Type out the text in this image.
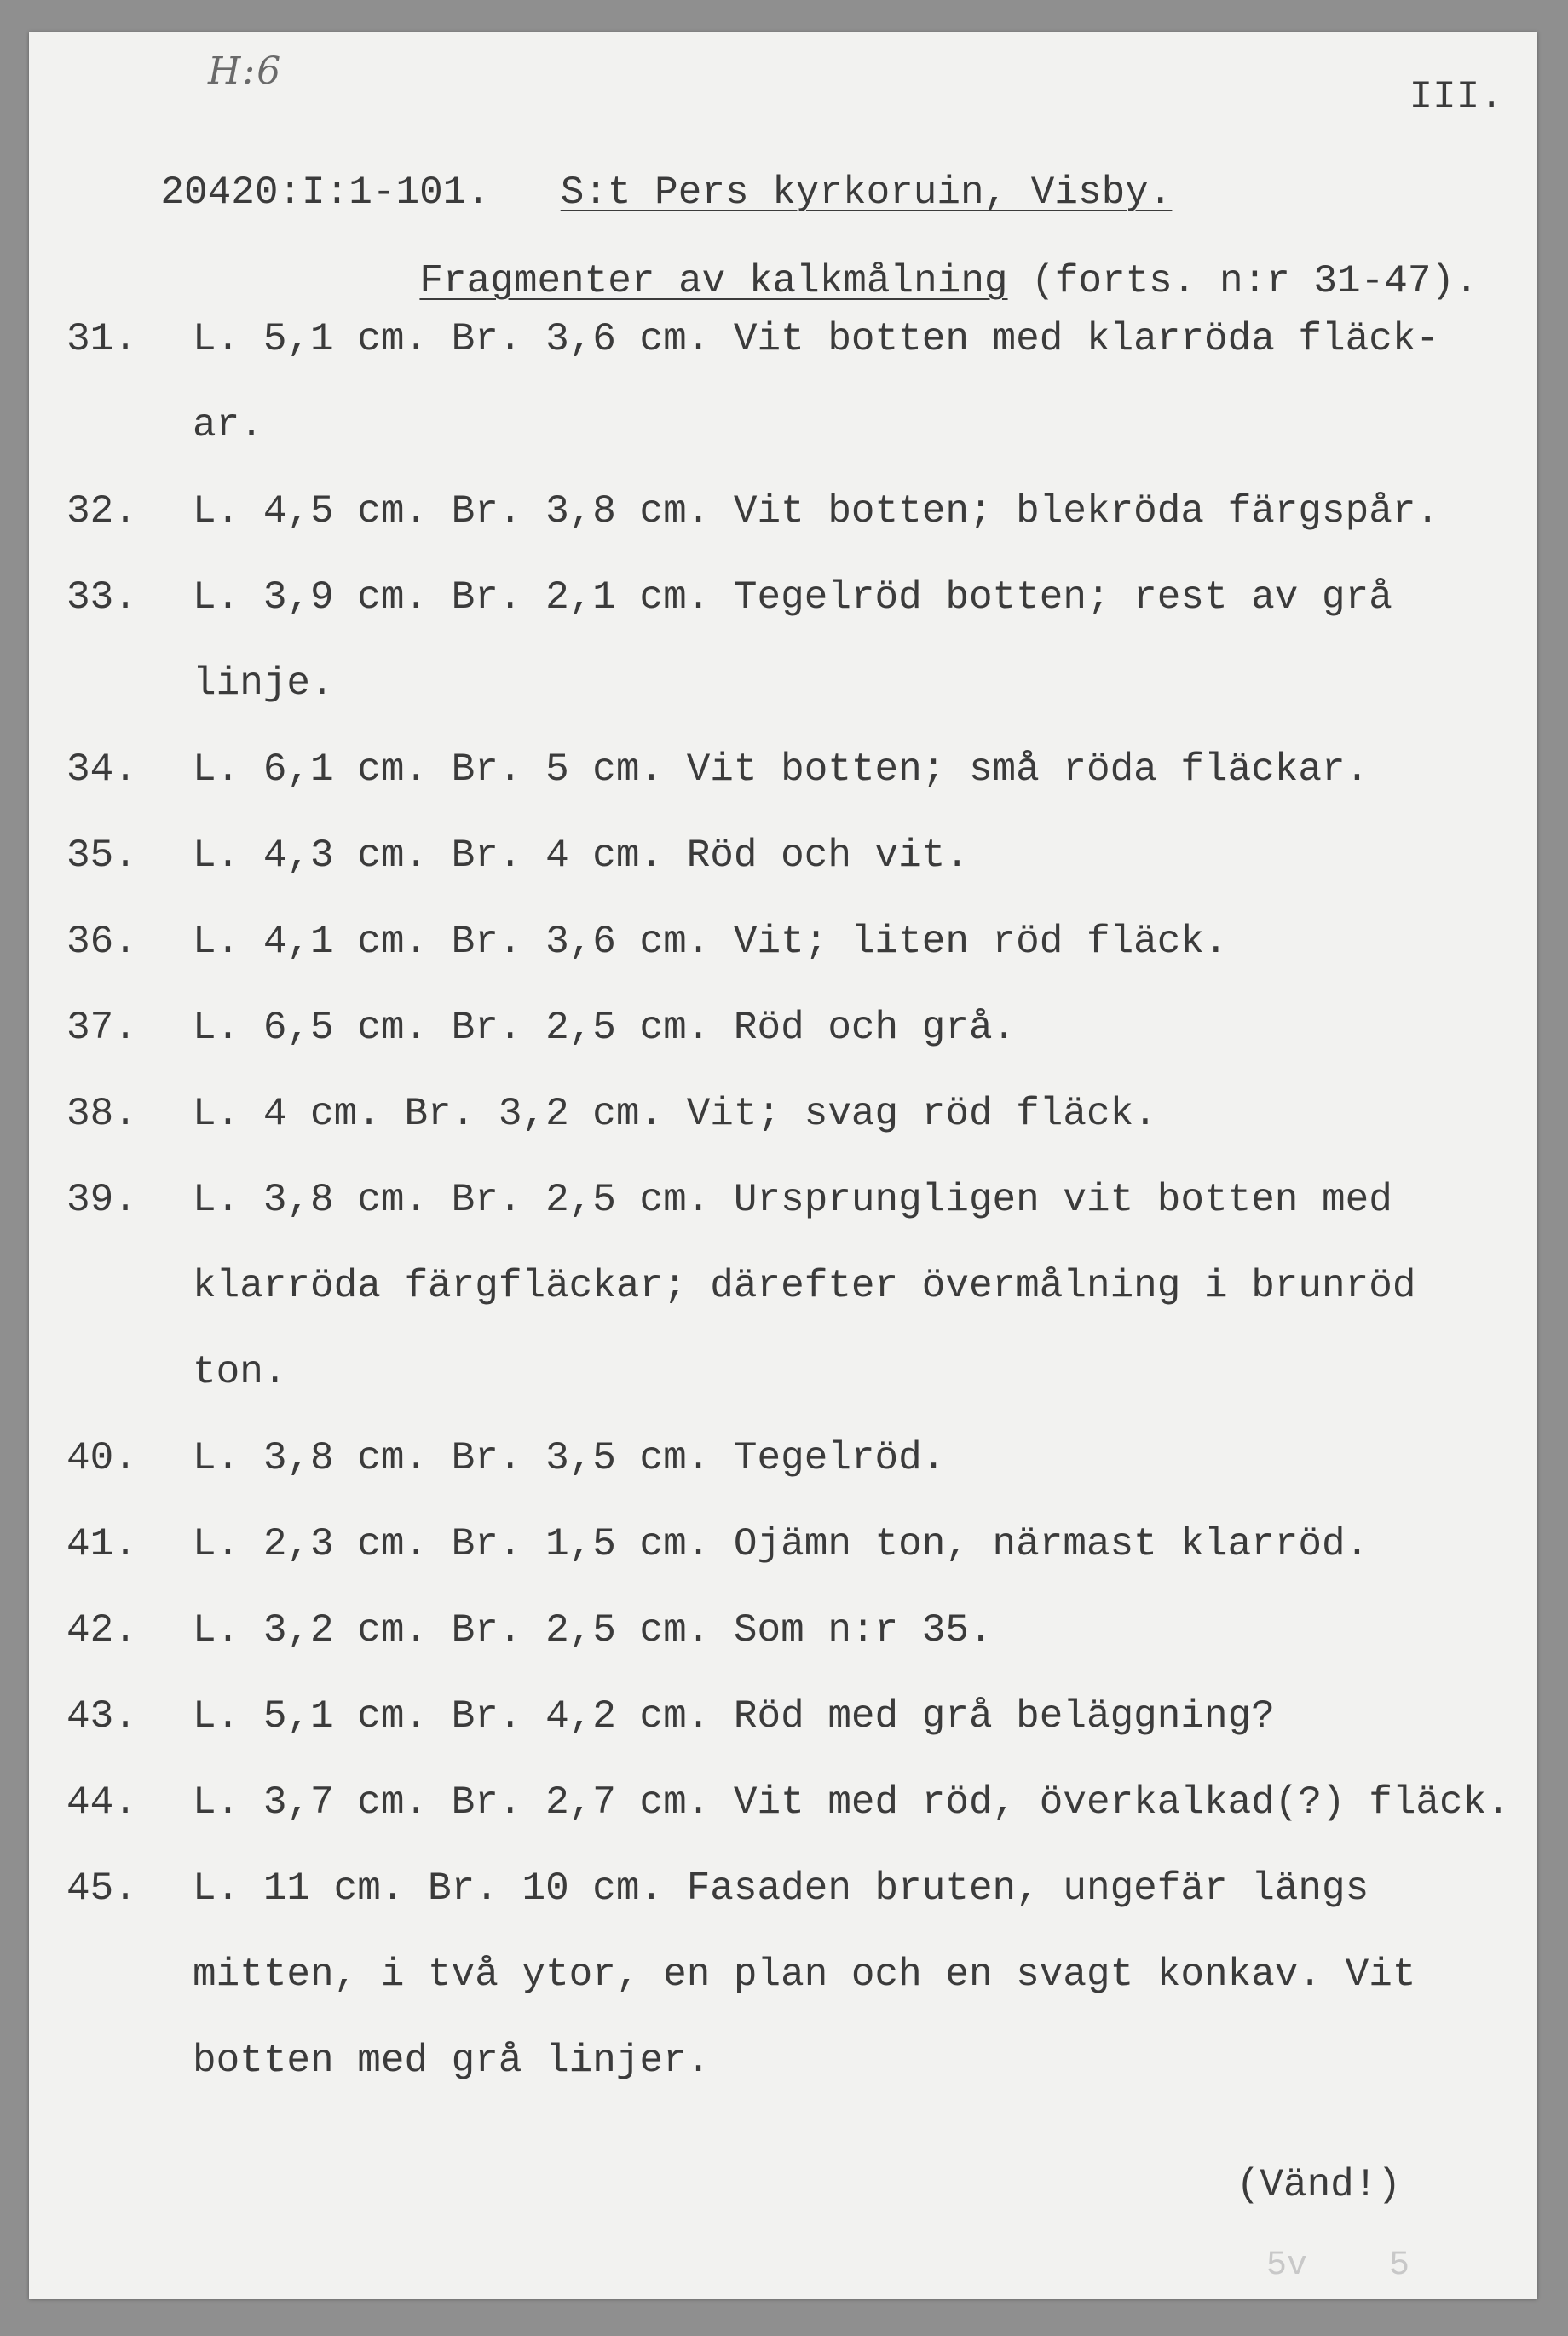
H:6
III.

20420:I:1-101. S:t Pers kyrkoruin, Visby.

Fragmenter av kalkmålning (forts. n:r 31-47).

31.	L. 5,1 cm. Br. 3,6 cm. Vit botten med klarröda fläck- ar.
32.	L. 4,5 cm. Br. 3,8 cm. Vit botten; blekröda färgspår.
33.	L. 3,9 cm. Br. 2,1 cm. Tegelröd botten; rest av grå linje.
34.	L. 6,1 cm. Br. 5 cm. Vit botten; små röda fläckar.
35.	L. 4,3 cm. Br. 4 cm. Röd och vit.
36.	L. 4,1 cm. Br. 3,6 cm. Vit; liten röd fläck.
37.	L. 6,5 cm. Br. 2,5 cm. Röd och grå.
38.	L. 4 cm. Br. 3,2 cm. Vit; svag röd fläck.
39.	L. 3,8 cm. Br. 2,5 cm. Ursprungligen vit botten med klarröda färgfläckar; därefter övermålning i brunröd ton.
40.	L. 3,8 cm. Br. 3,5 cm. Tegelröd.
41.	L. 2,3 cm. Br. 1,5 cm. Ojämn ton, närmast klarröd.
42.	L. 3,2 cm. Br. 2,5 cm. Som n:r 35.
43.	L. 5,1 cm. Br. 4,2 cm. Röd med grå beläggning?
44.	L. 3,7 cm. Br. 2,7 cm. Vit med röd, överkalkad(?) fläck.
45.	L. 11 cm. Br. 10 cm. Fasaden bruten, ungefär längs mitten, i två ytor, en plan och en svagt konkav. Vit botten med grå linjer.
(Vänd!)
5v    5
